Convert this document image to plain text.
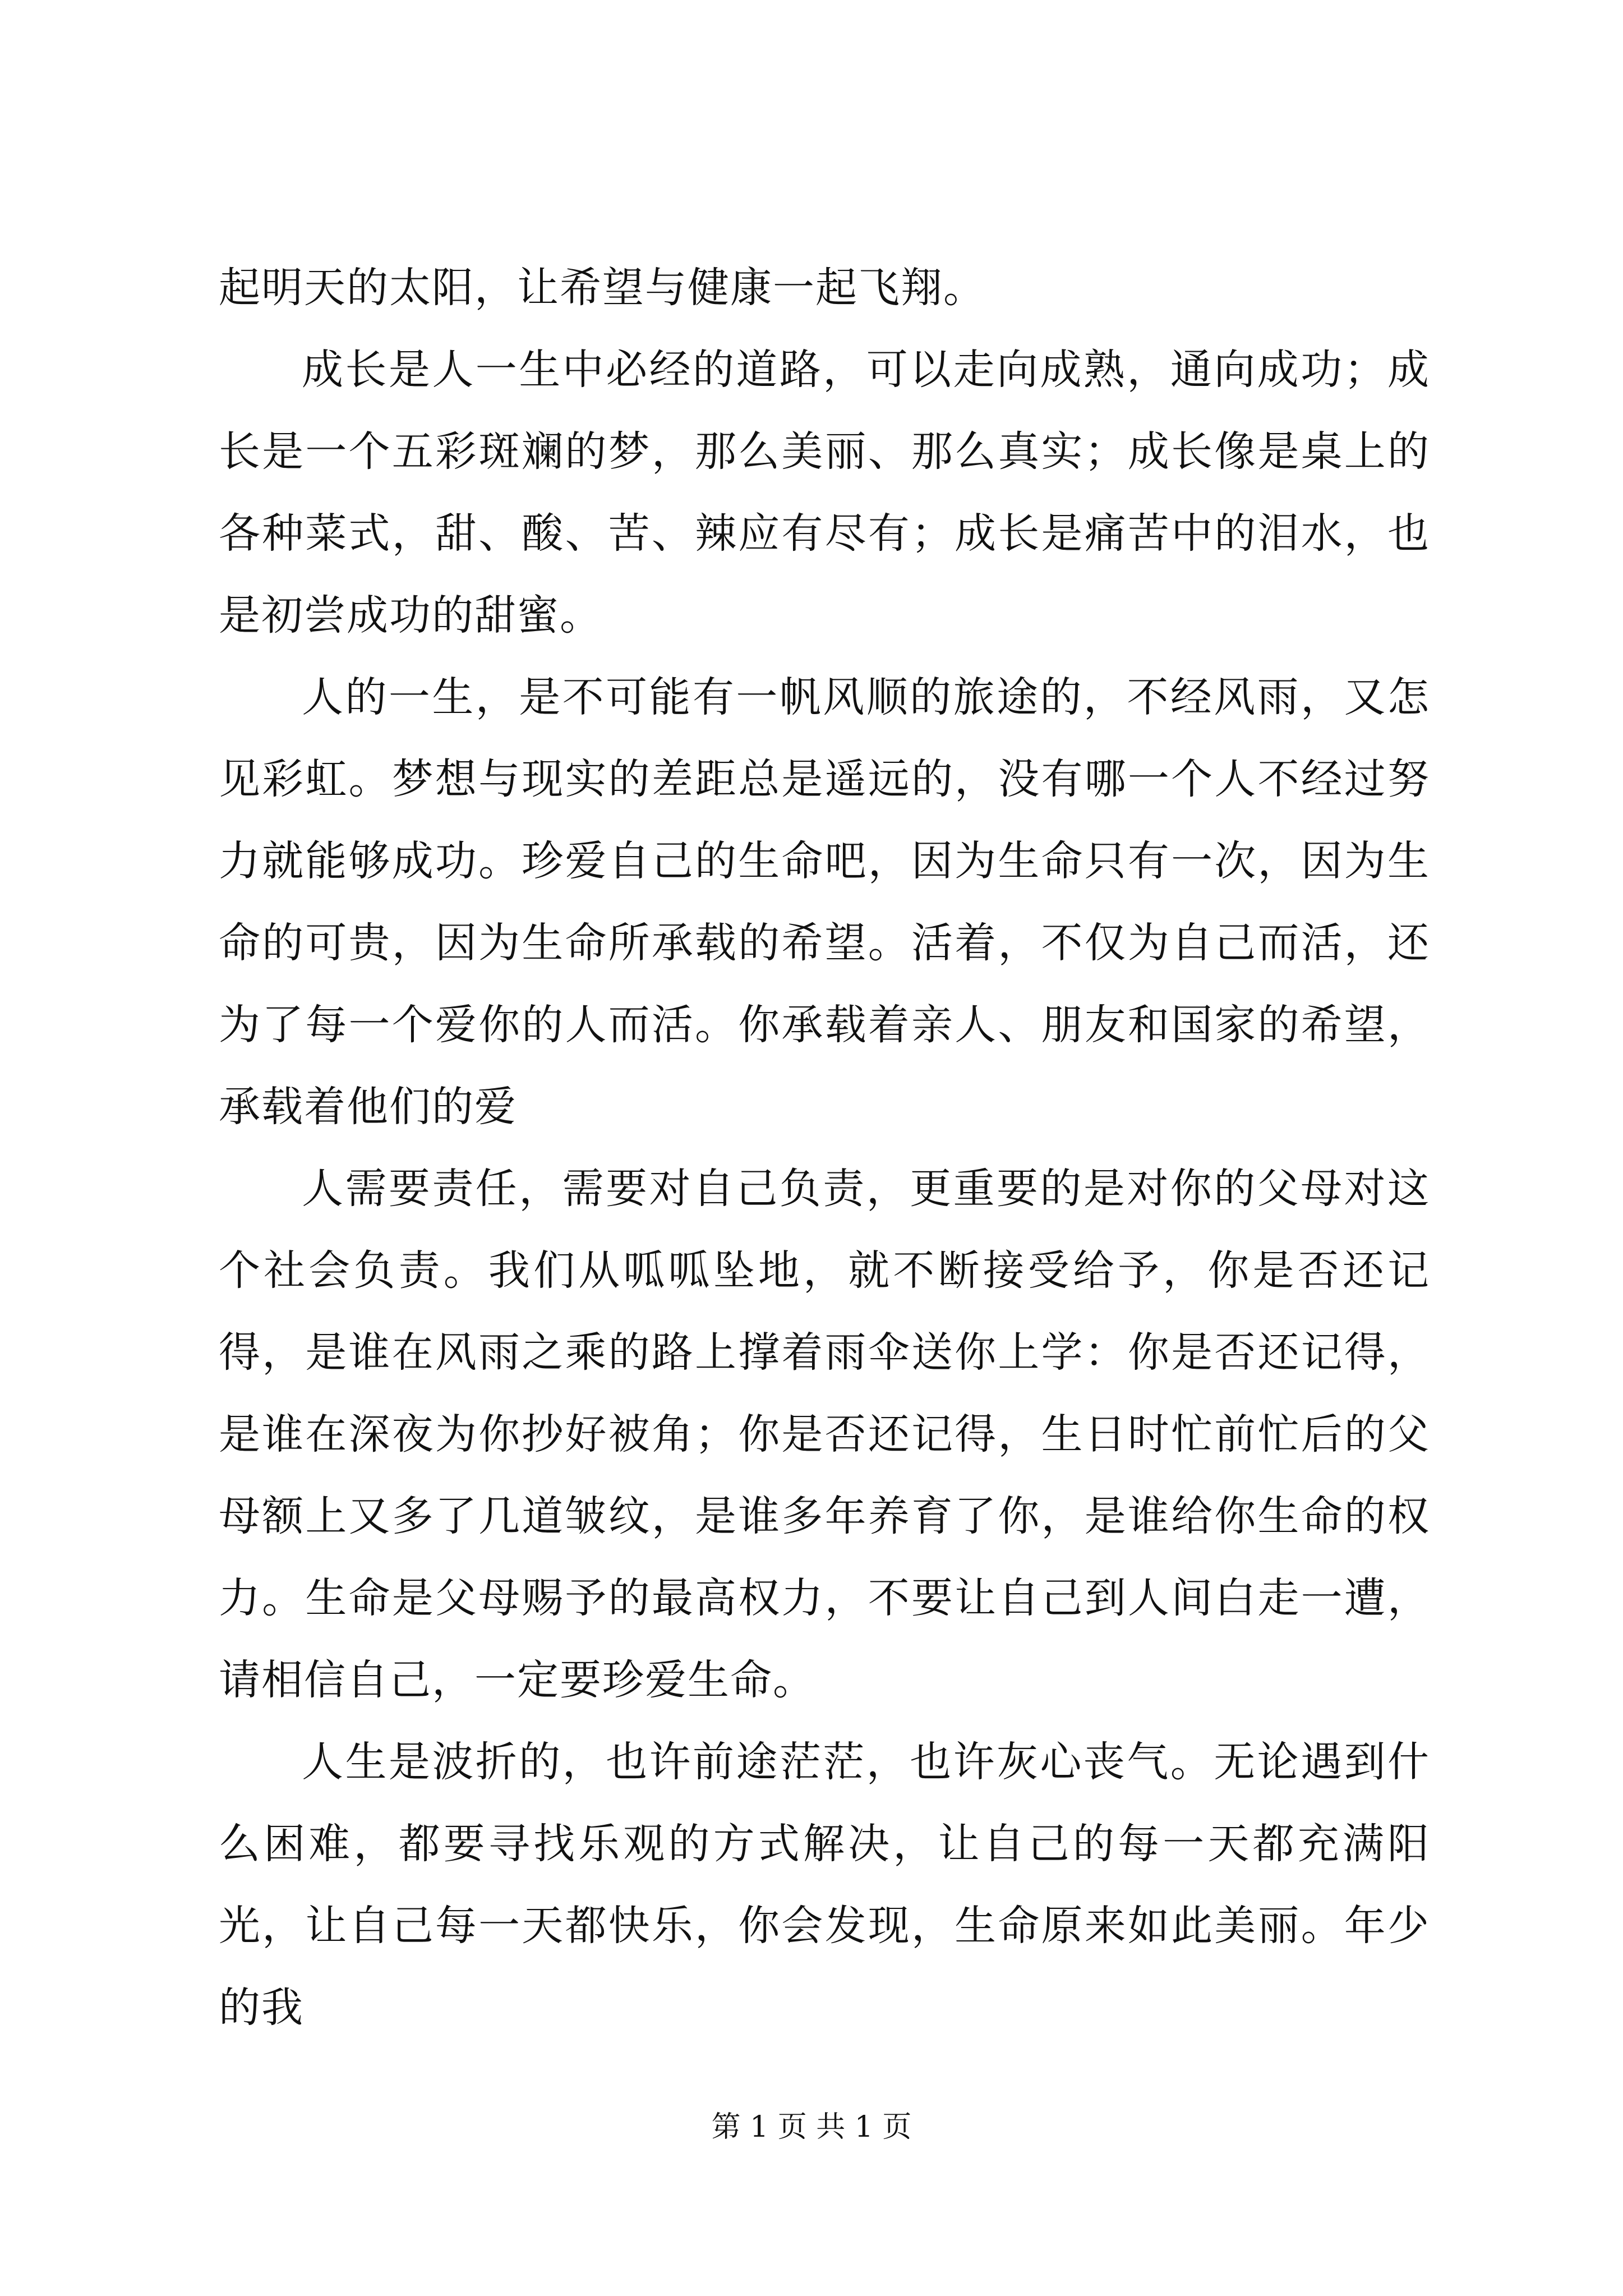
起明天的太阳，让希望与健康一起飞翔。

成长是人一生中必经的道路，可以走向成熟，通向成功；成长是一个五彩斑斓的梦，那么美丽、那么真实；成长像是桌上的各种菜式，甜、酸、苦、辣应有尽有；成长是痛苦中的泪水，也是初尝成功的甜蜜。

人的一生，是不可能有一帆风顺的旅途的，不经风雨，又怎见彩虹。梦想与现实的差距总是遥远的，没有哪一个人不经过努力就能够成功。珍爱自己的生命吧，因为生命只有一次，因为生命的可贵，因为生命所承载的希望。活着，不仅为自己而活，还为了每一个爱你的人而活。你承载着亲人、朋友和国家的希望，承载着他们的爱

人需要责任，需要对自己负责，更重要的是对你的父母对这个社会负责。我们从呱呱坠地，就不断接受给予，你是否还记得，是谁在风雨之乘的路上撑着雨伞送你上学：你是否还记得，是谁在深夜为你抄好被角；你是否还记得，生日时忙前忙后的父母额上又多了几道皱纹，是谁多年养育了你，是谁给你生命的权力。生命是父母赐予的最高权力，不要让自己到人间白走一遭，请相信自己，一定要珍爱生命。

人生是波折的，也许前途茫茫，也许灰心丧气。无论遇到什么困难，都要寻找乐观的方式解决，让自己的每一天都充满阳光，让自己每一天都快乐，你会发现，生命原来如此美丽。年少的我

第 1 页 共 1 页
